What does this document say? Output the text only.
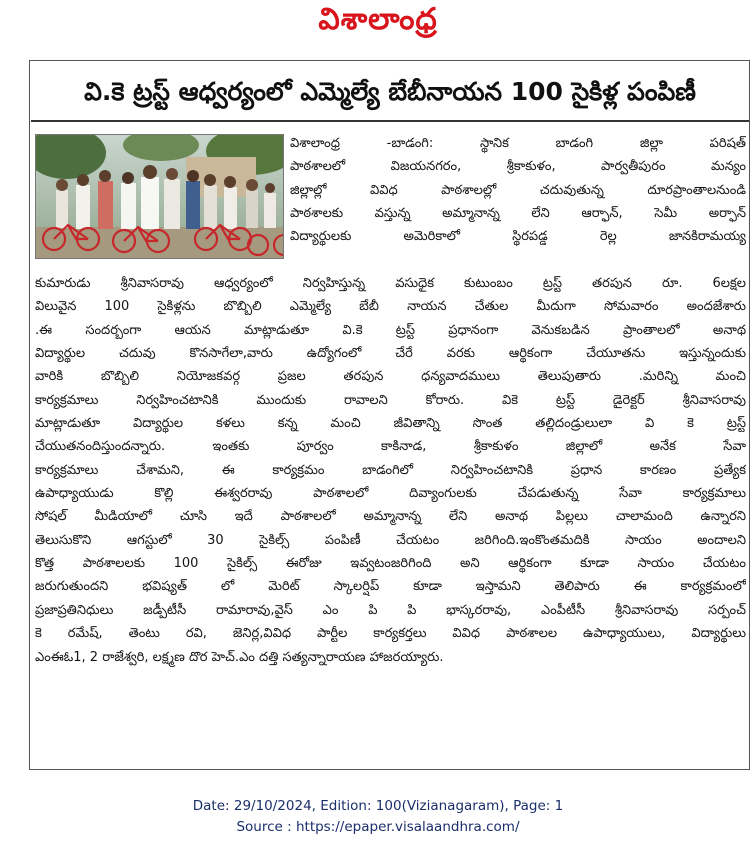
విశాలాంధ్ర
వి.కె ట్రస్ట్ ఆధ్వర్యంలో ఎమ్మెల్యే బేబీనాయన 100 సైకిళ్ల పంపిణీ
విశాలాంధ్ర -బాడంగి: స్థానిక బాడంగి జిల్లా పరిషత్
పాఠశాలలో విజయనగరం, శ్రీకాకుళం, పార్వతీపురం మన్యం
జిల్లాల్లో వివిధ పాఠశాలల్లో చదువుతున్న దూరప్రాంతాలనుండి
పాఠశాలకు వస్తున్న అమ్మానాన్న లేని ఆర్ఫాన్, సెమీ అర్ఫాన్
విద్యార్థులకు అమెరికాలో స్థిరపడ్డ రెల్ల జానకిరామయ్య
కుమారుడు శ్రీనివాసరావు ఆధ్వర్యంలో నిర్వహిస్తున్న వసుధైక కుటుంబం ట్రస్ట్ తరపున రూ. 6లక్షల
విలువైన 100 సైకిళ్లను బొబ్బిలి ఎమ్మెల్యే బేబీ నాయన చేతుల మీదుగా సోమవారం అందజేశారు
.ఈ సందర్బంగా ఆయన మాట్లాడుతూ వి.కె ట్రస్ట్ ప్రధానంగా వెనుకబడిన ప్రాంతాలలో అనాథ
విద్యార్థుల చదువు కొనసాగేలా,వారు ఉద్యోగంలో చేరే వరకు ఆర్థికంగా చేయూతను ఇస్తున్నందుకు
వారికి బొబ్బిలి నియోజకవర్గ ప్రజల తరపున ధన్యవాదములు తెలుపుతారు .మరిన్ని మంచి
కార్యక్రమాలు నిర్వహించటానికి ముందుకు రావాలని కోరారు. వికె ట్రస్ట్ డైరెక్టర్ శ్రీనివాసరావు
మాట్లాడుతూ విద్యార్థుల కళలు కన్న మంచి జీవితాన్ని సొంత తల్లిదండ్రులులా వి కె ట్రస్ట్
చేయుతనందిస్తుందన్నారు. ఇంతకు పూర్వం కాకినాడ, శ్రీకాకుళం జిల్లాలో అనేక సేవా
కార్యక్రమాలు చేశామని, ఈ కార్యక్రమం బాడంగిలో నిర్వహించటానికి ప్రధాన కారణం ప్రత్యేక
ఉపాధ్యాయుడు కొల్లి ఈశ్వరరావు పాఠశాలలో దివ్యాంగులకు చేపడుతున్న సేవా కార్యక్రమాలు
సోషల్ మీడియాలో చూసి ఇదే పాఠశాలలో అమ్మానాన్న లేని అనాథ పిల్లలు చాలామంది ఉన్నారని
తెలుసుకొని ఆగస్టులో 30 సైకిల్స్ పంపిణీ చేయటం జరిగింది.ఇంకొంతమదికి సాయం అందాలని
కొత్త పాఠశాలలకు 100 సైకిల్స్ ఈరోజు ఇవ్వటంజరిగింది అని ఆర్థికంగా కూడా సాయం చేయటం
జరుగుతుందని భవిష్యత్ లో మెరిట్ స్కాలర్షిప్ కూడా ఇస్తామని తెలిపారు ఈ కార్యక్రమంలో
ప్రజాప్రతినిధులు జడ్పీటీసీ రామారావు,వైస్ ఎం పి పి భాస్కరరావు, ఎంపీటీసీ శ్రీనివాసరావు సర్పంచ్
కె రమేష్, తెంటు రవి, జెనిర్ల,వివిధ పార్టీల కార్యకర్తలు వివిధ పాఠశాలల ఉపాధ్యాయులు, విద్యార్థులు
ఎంఈఓ1, 2 రాజేశ్వరి, లక్ష్మణ దొర హెచ్.ఎం దత్తి సత్యన్నారాయణ హాజరయ్యారు.
Date: 29/10/2024, Edition: 100(Vizianagaram), Page: 1
Source : https://epaper.visalaandhra.com/
